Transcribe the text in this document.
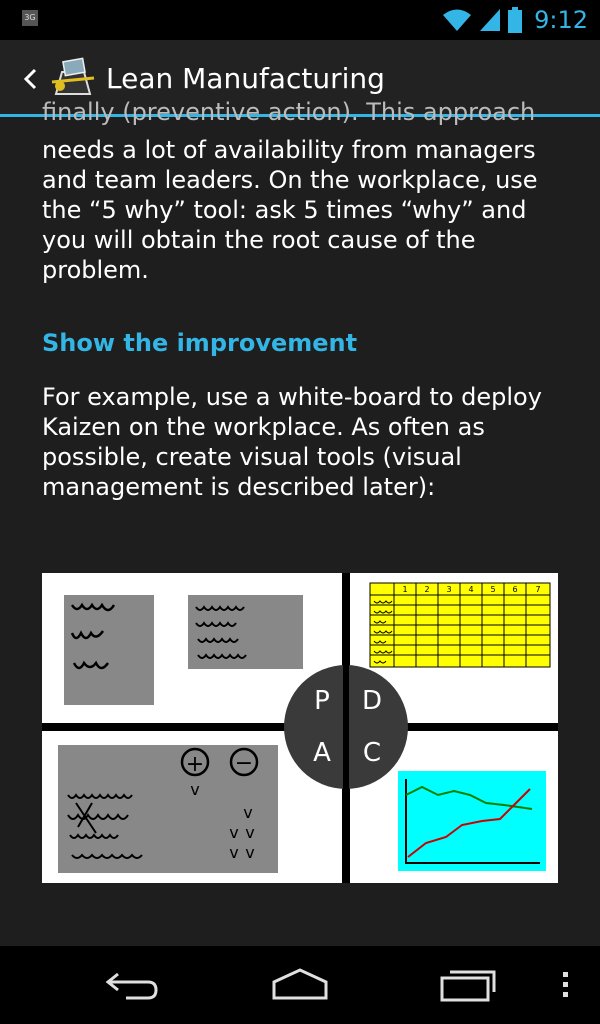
3G	9:12
Lean Manufacturing

finally (preventive action). This approach

needs a lot of availability from managers and team leaders. On the workplace, use the “5 why” tool: ask 5 times “why” and you will obtain the root cause of the problem.

Show the improvement

For example, use a white-board to deploy Kaizen on the workplace. As often as possible, create visual tools (visual management is described later):

1 2 3 4 5 6 7
+ −
v
v
v v
v v
P D
A C
